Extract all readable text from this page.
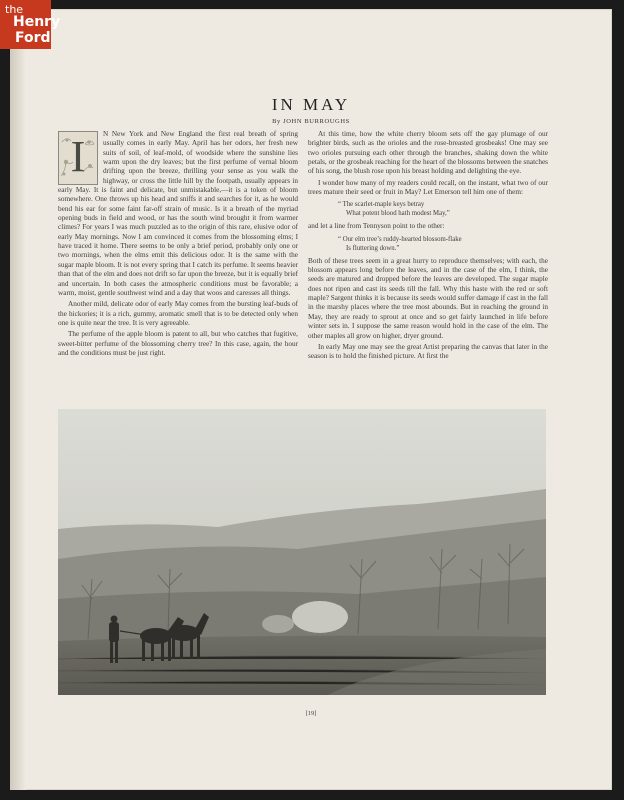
IN MAY
By JOHN BURROUGHS

I	N New York and New England the first real breath of spring usually comes in early May. April has her odors, her fresh new suits of soil, of leaf-mold, of woodside where the sunshine lies warm upon the dry leaves; but the first perfume of vernal bloom drifting upon the breeze, thrilling your sense as you walk the highway, or cross the little hill by the footpath, usually appears in early May. It is faint and delicate, but unmistakable,—it is a token of bloom somewhere. One throws up his head and sniffs it and searches for it, as he would bend his ear for some faint far-off strain of music. Is it a breath of the myriad opening buds in field and wood, or has the south wind brought it from warmer climes? For years I was much puzzled as to the origin of this rare, elusive odor of early May mornings. Now I am convinced it comes from the blossoming elms; I have traced it home. There seems to be only a brief period, probably only one or two mornings, when the elms emit this delicious odor. It is the same with the sugar maple bloom. It is not every spring that I catch its perfume. It seems heavier than that of the elm and does not drift so far upon the breeze, but it is equally brief and uncertain. In both cases the atmospheric conditions must be favorable; a warm, moist, gentle southwest wind and a day that woos and caresses all things.

Another mild, delicate odor of early May comes from the bursting leaf-buds of the hickories; it is a rich, gummy, aromatic smell that is to be detected only when one is quite near the tree. It is very agreeable.

The perfume of the apple bloom is patent to all, but who catches that fugitive, sweet-bitter perfume of the blossoming cherry tree? In this case, again, the hour and the conditions must be just right.

At this time, how the white cherry bloom sets off the gay plumage of our brighter birds, such as the orioles and the rose-breasted grosbeaks! One may see two orioles pursuing each other through the branches, shaking down the white petals, or the grosbeak reaching for the heart of the blossoms between the snatches of his song, the blush rose upon his breast holding and delighting the eye.

I wonder how many of my readers could recall, on the instant, what two of our trees mature their seed or fruit in May? Let Emerson tell him one of them:

“ The scarlet-maple keys betray
What potent blood hath modest May,”

and let a line from Tennyson point to the other:

“ Our elm tree’s ruddy-hearted blossom-flake
Is fluttering down.”

Both of these trees seem in a great hurry to reproduce themselves; with each, the blossom appears long before the leaves, and in the case of the elm, I think, the seeds are matured and dropped before the leaves are developed. The sugar maple does not ripen and cast its seeds till the fall. Why this haste with the red or soft maple? Sargent thinks it is because its seeds would suffer damage if cast in the fall in the marshy places where the tree most abounds. But in reaching the ground in May, they are ready to sprout at once and so get fairly launched in life before winter sets in. I suppose the same reason would hold in the case of the elm. The other maples all grow on higher, dryer ground.

In early May one may see the great Artist preparing the canvas that later in the season is to hold the finished picture. At first the

[19]
the
Henry
Ford
